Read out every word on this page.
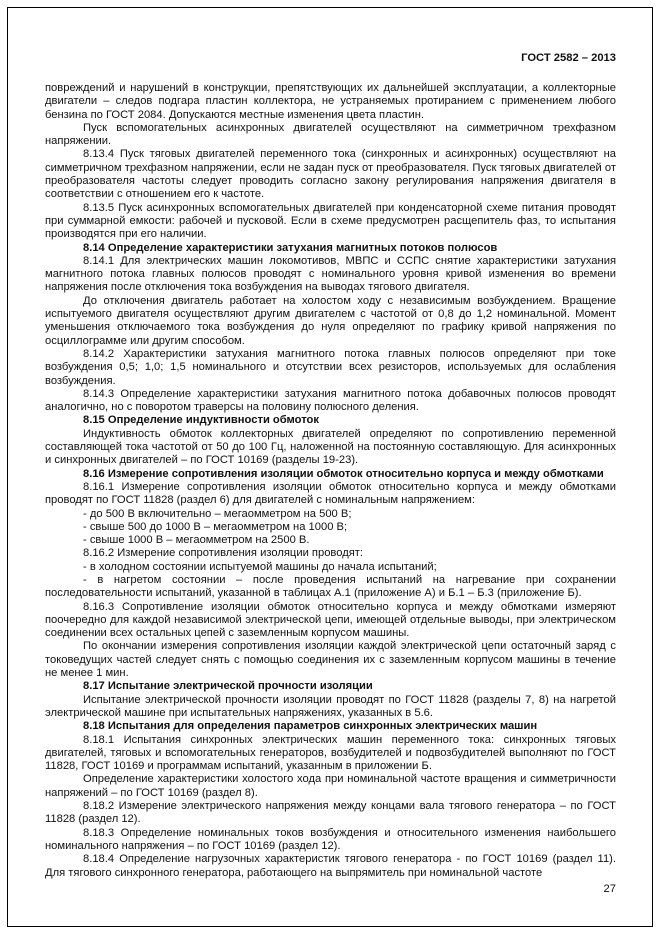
ГОСТ 2582 – 2013

повреждений и нарушений в конструкции, препятствующих их дальнейшей эксплуатации, а коллекторные двигатели – следов подгара пластин коллектора, не устраняемых протиранием с применением любого бензина по ГОСТ 2084. Допускаются местные изменения цвета пластин.

Пуск вспомогательных асинхронных двигателей осуществляют на симметричном трехфазном напряжении.

8.13.4 Пуск тяговых двигателей переменного тока (синхронных и асинхронных) осуществляют на симметричном трехфазном напряжении, если не задан пуск от преобразователя. Пуск тяговых двигателей от преобразователя частоты следует проводить согласно закону регулирования напряжения двигателя в соответствии с отношением его к частоте.

8.13.5 Пуск асинхронных вспомогательных двигателей при конденсаторной схеме питания проводят при суммарной емкости: рабочей и пусковой. Если в схеме предусмотрен расщепитель фаз, то испытания производятся при его наличии.

8.14 Определение характеристики затухания магнитных потоков полюсов

8.14.1 Для электрических машин локомотивов, МВПС и ССПС снятие характеристики затухания магнитного потока главных полюсов проводят с номинального уровня кривой изменения во времени напряжения после отключения тока возбуждения на выводах тягового двигателя.

До отключения двигатель работает на холостом ходу с независимым возбуждением. Вращение испытуемого двигателя осуществляют другим двигателем с частотой от 0,8 до 1,2 номинальной. Момент уменьшения отключаемого тока возбуждения до нуля определяют по графику кривой напряжения по осциллограмме или другим способом.

8.14.2 Характеристики затухания магнитного потока главных полюсов определяют при токе возбуждения 0,5; 1,0; 1,5 номинального и отсутствии всех резисторов, используемых для ослабления возбуждения.

8.14.3 Определение характеристики затухания магнитного потока добавочных полюсов проводят аналогично, но с поворотом траверсы на половину полюсного деления.

8.15 Определение индуктивности обмоток

Индуктивность обмоток коллекторных двигателей определяют по сопротивлению переменной составляющей тока частотой от 50 до 100 Гц, наложенной на постоянную составляющую. Для асинхронных и синхронных двигателей – по ГОСТ 10169 (разделы 19-23).

8.16 Измерение сопротивления изоляции обмоток относительно корпуса и между обмотками

8.16.1 Измерение сопротивления изоляции обмоток относительно корпуса и между обмотками проводят по ГОСТ 11828 (раздел 6) для двигателей с номинальным напряжением:

- до 500 В включительно – мегаомметром на 500 В;

- свыше 500 до 1000 В – мегаомметром на 1000 В;

- свыше 1000 В – мегаомметром на 2500 В.

8.16.2 Измерение сопротивления изоляции проводят:

- в холодном состоянии испытуемой машины до начала испытаний;

- в нагретом состоянии – после проведения испытаний на нагревание при сохранении последовательности испытаний, указанной в таблицах А.1 (приложение А) и Б.1 – Б.3 (приложение Б).

8.16.3 Сопротивление изоляции обмоток относительно корпуса и между обмотками измеряют поочередно для каждой независимой электрической цепи, имеющей отдельные выводы, при электрическом соединении всех остальных цепей с заземленным корпусом машины.

По окончании измерения сопротивления изоляции каждой электрической цепи остаточный заряд с токоведущих частей следует снять с помощью соединения их с заземленным корпусом машины в течение не менее 1 мин.

8.17 Испытание электрической прочности изоляции

Испытание электрической прочности изоляции проводят по ГОСТ 11828 (разделы 7, 8) на нагретой электрической машине при испытательных напряжениях, указанных в 5.6.

8.18 Испытания для определения параметров синхронных электрических машин

8.18.1 Испытания синхронных электрических машин переменного тока: синхронных тяговых двигателей, тяговых и вспомогательных генераторов, возбудителей и подвозбудителей выполняют по ГОСТ 11828, ГОСТ 10169 и программам испытаний, указанным в приложении Б.

Определение характеристики холостого хода при номинальной частоте вращения и симметричности напряжений – по ГОСТ 10169 (раздел 8).

8.18.2 Измерение электрического напряжения между концами вала тягового генератора – по ГОСТ 11828 (раздел 12).

8.18.3 Определение номинальных токов возбуждения и относительного изменения наибольшего номинального напряжения – по ГОСТ 10169 (раздел 12).

8.18.4 Определение нагрузочных характеристик тягового генератора - по ГОСТ 10169 (раздел 11). Для тягового синхронного генератора, работающего на выпрямитель при номинальной частоте

27
